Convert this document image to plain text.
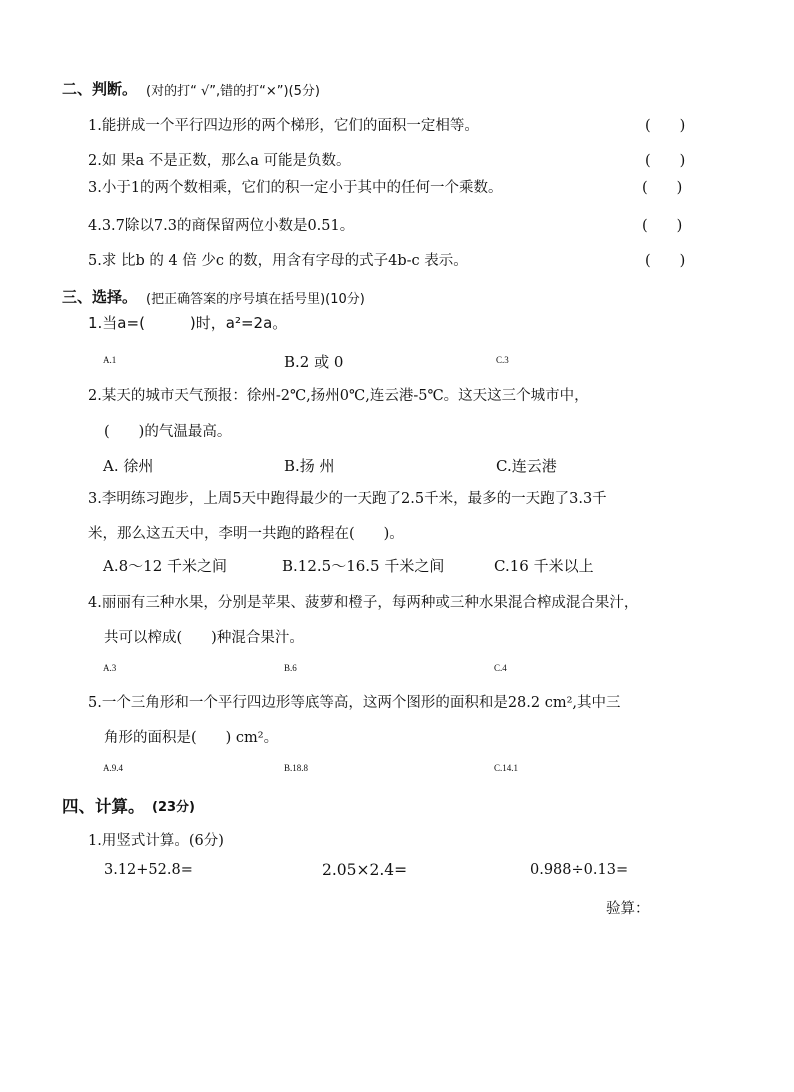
二、判断。 (对的打“ √”,错的打“×”)(5分)
1.能拼成一个平行四边形的两个梯形，它们的面积一定相等。	(　　)
2.如 果a 不是正数，那么a 可能是负数。	(　　)
3.小于1的两个数相乘，它们的积一定小于其中的任何一个乘数。	(　　)
4.3.7除以7.3的商保留两位小数是0.51。	(　　)
5.求 比b 的 4 倍 少c 的数，用含有字母的式子4b-c 表示。	(　　)
三、选择。 (把正确答案的序号填在括号里)(10分)
1.当a=(　　　)时，a²=2a。
A.1	B.2 或 0	C.3
2.某天的城市天气预报：徐州-2℃,扬州0℃,连云港-5℃。这天这三个城市中，
(　　)的气温最高。
A. 徐州	B.扬 州	C.连云港
3.李明练习跑步，上周5天中跑得最少的一天跑了2.5千米，最多的一天跑了3.3千
米，那么这五天中，李明一共跑的路程在(　　)。
A.8～12 千米之间	B.12.5～16.5 千米之间	C.16 千米以上
4.丽丽有三种水果，分别是苹果、菠萝和橙子，每两种或三种水果混合榨成混合果汁，
共可以榨成(　　)种混合果汁。
A.3	B.6	C.4
5.一个三角形和一个平行四边形等底等高，这两个图形的面积和是28.2 cm²,其中三
角形的面积是(　　) cm²。
A.9.4	B.18.8	C.14.1
四、计算。 (23分)
1.用竖式计算。(6分)
3.12+52.8=	2.05×2.4=	0.988÷0.13=
验算：
